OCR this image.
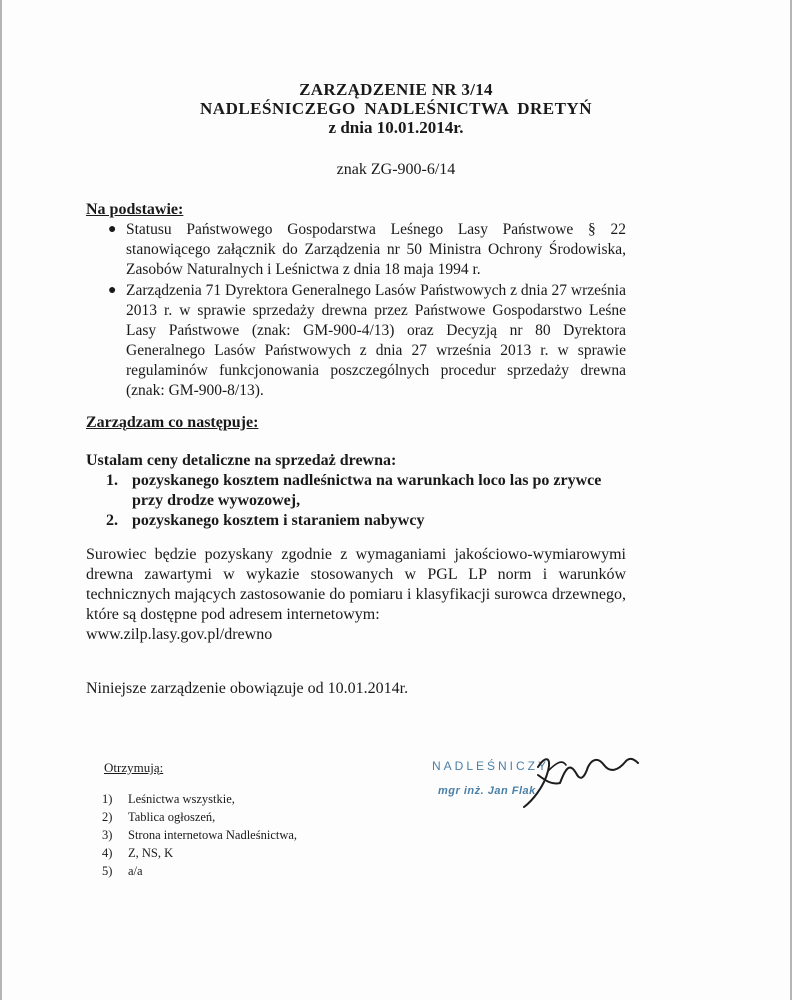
ZARZĄDZENIE NR 3/14
NADLEŚNICZEGO NADLEŚNICTWA DRETYŃ
z dnia 10.01.2014r.
znak ZG-900-6/14
Na podstawie:
● Statusu Państwowego Gospodarstwa Leśnego Lasy Państwowe § 22 stanowiącego załącznik do Zarządzenia nr 50 Ministra Ochrony Środowiska, Zasobów Naturalnych i Leśnictwa z dnia 18 maja 1994 r.
● Zarządzenia 71 Dyrektora Generalnego Lasów Państwowych z dnia 27 września 2013 r. w sprawie sprzedaży drewna przez Państwowe Gospodarstwo Leśne Lasy Państwowe (znak: GM-900-4/13) oraz Decyzją nr 80 Dyrektora Generalnego Lasów Państwowych z dnia 27 września 2013 r. w sprawie regulaminów funkcjonowania poszczególnych procedur sprzedaży drewna (znak: GM-900-8/13).
Zarządzam co następuje:
Ustalam ceny detaliczne na sprzedaż drewna:
1. pozyskanego kosztem nadleśnictwa na warunkach loco las po zrywce przy drodze wywozowej,
2. pozyskanego kosztem i staraniem nabywcy
Surowiec będzie pozyskany zgodnie z wymaganiami jakościowo-wymiarowymi drewna zawartymi w wykazie stosowanych w PGL LP norm i warunków technicznych mających zastosowanie do pomiaru i klasyfikacji surowca drzewnego, które są dostępne pod adresem internetowym:
www.zilp.lasy.gov.pl/drewno
Niniejsze zarządzenie obowiązuje od 10.01.2014r.
Otrzymują:
1) Leśnictwa wszystkie,
2) Tablica ogłoszeń,
3) Strona internetowa Nadleśnictwa,
4) Z, NS, K
5) a/a
NADLEŚNICZY
mgr inż. Jan Flak
